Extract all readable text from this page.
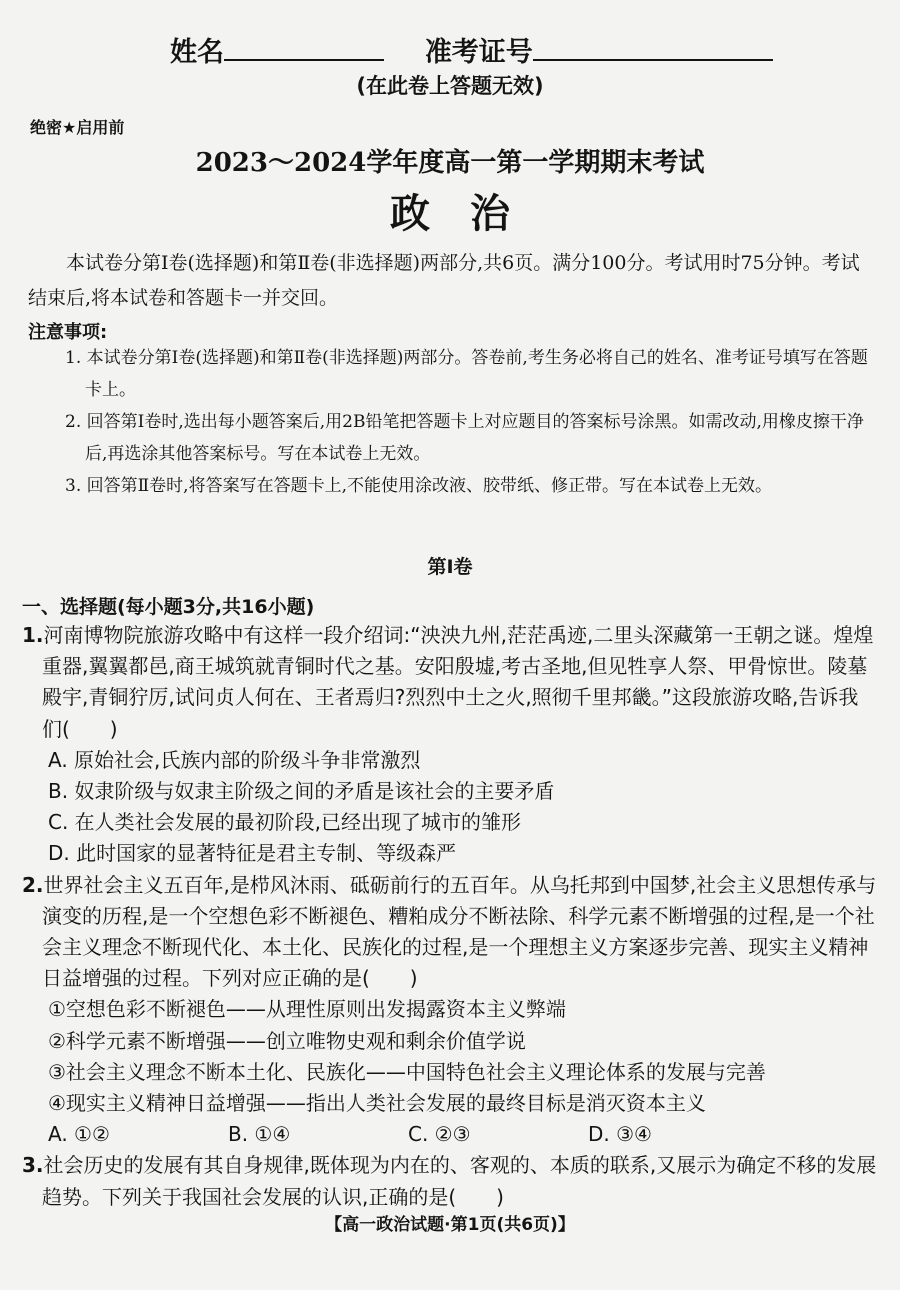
姓名	准考证号
(在此卷上答题无效)
绝密★启用前
2023～2024学年度高一第一学期期末考试
政治
本试卷分第Ⅰ卷(选择题)和第Ⅱ卷(非选择题)两部分,共6页。满分100分。考试用时75分钟。考试结束后,将本试卷和答题卡一并交回。
注意事项:

1. 本试卷分第Ⅰ卷(选择题)和第Ⅱ卷(非选择题)两部分。答卷前,考生务必将自己的姓名、准考证号填写在答题卡上。

2. 回答第Ⅰ卷时,选出每小题答案后,用2B铅笔把答题卡上对应题目的答案标号涂黑。如需改动,用橡皮擦干净后,再选涂其他答案标号。写在本试卷上无效。

3. 回答第Ⅱ卷时,将答案写在答题卡上,不能使用涂改液、胶带纸、修正带。写在本试卷上无效。

第Ⅰ卷
一、选择题(每小题3分,共16小题)

1.河南博物院旅游攻略中有这样一段介绍词:“泱泱九州,茫茫禹迹,二里头深藏第一王朝之谜。煌煌重器,翼翼都邑,商王城筑就青铜时代之基。安阳殷墟,考古圣地,但见牲享人祭、甲骨惊世。陵墓殿宇,青铜狞厉,试问贞人何在、王者焉归?烈烈中土之火,照彻千里邦畿。”这段旅游攻略,告诉我们(　　)

A. 原始社会,氏族内部的阶级斗争非常激烈

B. 奴隶阶级与奴隶主阶级之间的矛盾是该社会的主要矛盾

C. 在人类社会发展的最初阶段,已经出现了城市的雏形

D. 此时国家的显著特征是君主专制、等级森严

2.世界社会主义五百年,是栉风沐雨、砥砺前行的五百年。从乌托邦到中国梦,社会主义思想传承与演变的历程,是一个空想色彩不断褪色、糟粕成分不断祛除、科学元素不断增强的过程,是一个社会主义理念不断现代化、本土化、民族化的过程,是一个理想主义方案逐步完善、现实主义精神日益增强的过程。下列对应正确的是(　　)

①空想色彩不断褪色——从理性原则出发揭露资本主义弊端

②科学元素不断增强——创立唯物史观和剩余价值学说

③社会主义理念不断本土化、民族化——中国特色社会主义理论体系的发展与完善

④现实主义精神日益增强——指出人类社会发展的最终目标是消灭资本主义

A. ①②	B. ①④	C. ②③	D. ③④

3.社会历史的发展有其自身规律,既体现为内在的、客观的、本质的联系,又展示为确定不移的发展趋势。下列关于我国社会发展的认识,正确的是(　　)

【高一政治试题·第1页(共6页)】
